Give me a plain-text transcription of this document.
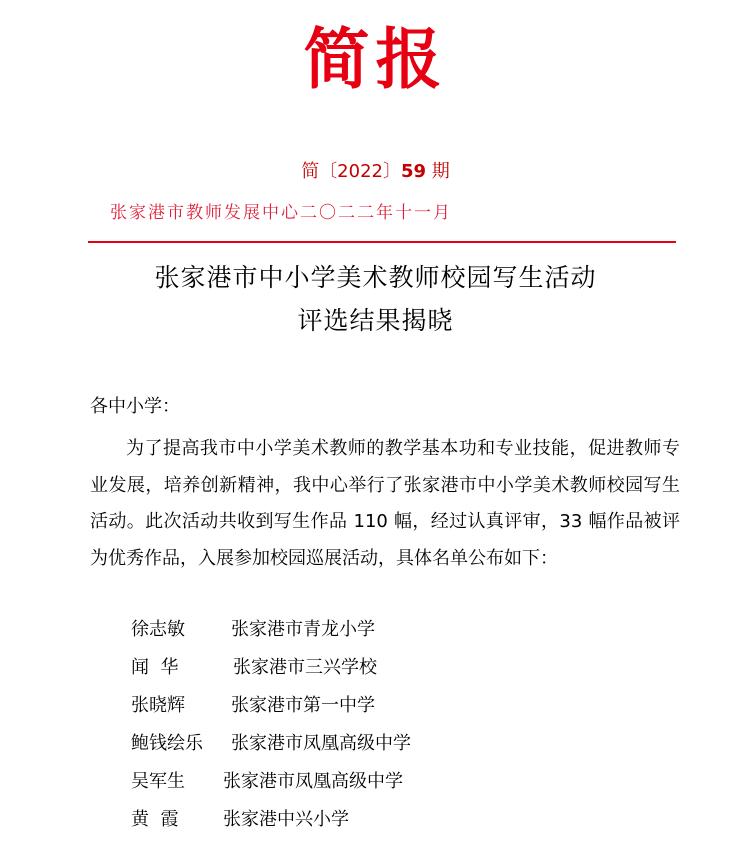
简报
简〔2022〕59 期
张家港市教师发展中心二〇二二年十一月
张家港市中小学美术教师校园写生活动
评选结果揭晓
各中小学：

为了提高我市中小学美术教师的教学基本功和专业技能，促进教师专业发展，培养创新精神，我中心举行了张家港市中小学美术教师校园写生活动。此次活动共收到写生作品 110 幅，经过认真评审，33 幅作品被评为优秀作品，入展参加校园巡展活动，具体名单公布如下：

徐志敏	张家港市青龙小学
闻  华	张家港市三兴学校
张晓辉	张家港市第一中学
鲍钱绘乐 张家港市凤凰高级中学
吴军生 张家港市凤凰高级中学
黄  霞 张家港中兴小学
